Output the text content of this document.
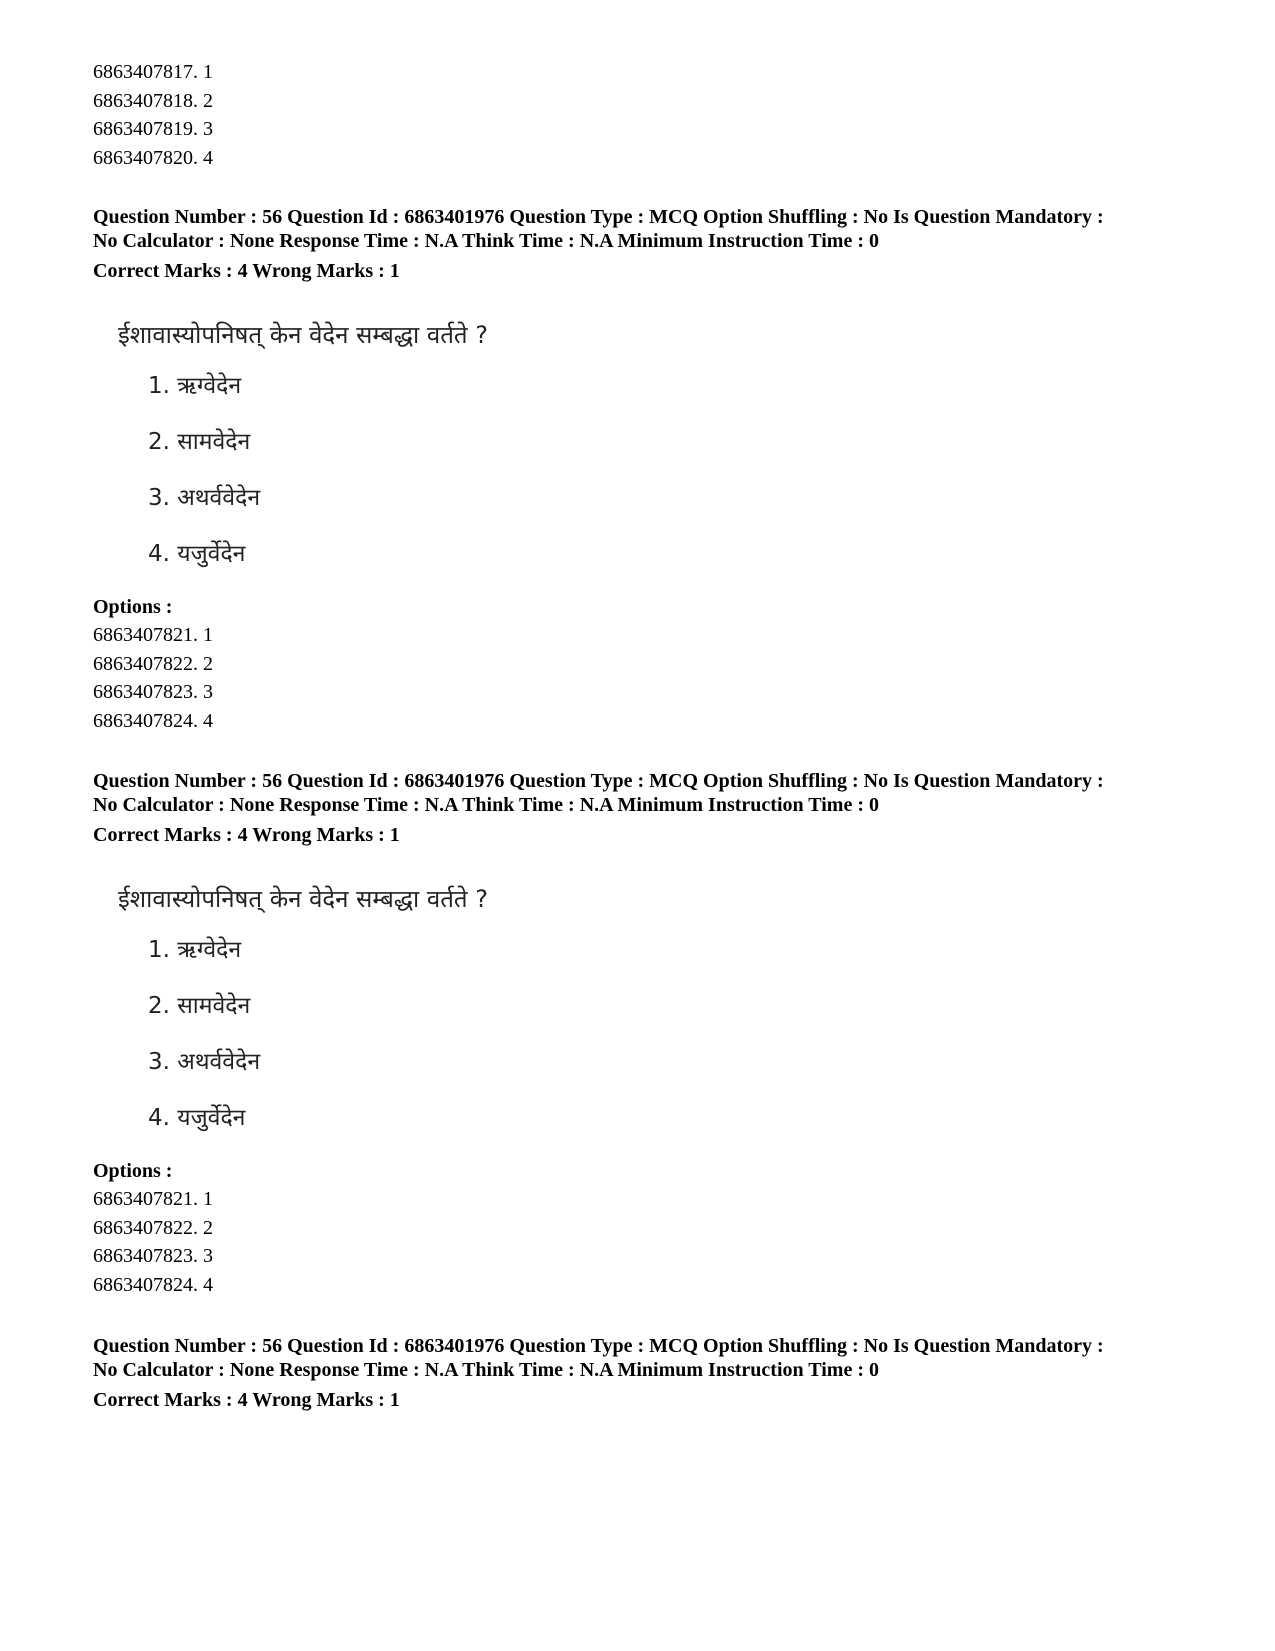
6863407817. 1
6863407818. 2
6863407819. 3
6863407820. 4
Question Number : 56 Question Id : 6863401976 Question Type : MCQ Option Shuffling : No Is Question Mandatory :
No Calculator : None Response Time : N.A Think Time : N.A Minimum Instruction Time : 0
Correct Marks : 4 Wrong Marks : 1
ईशावास्योपनिषत् केन वेदेन सम्बद्धा वर्तते ?
1. ऋग्वेदेन
2. सामवेदेन
3. अथर्ववेदेन
4. यजुर्वेदेन
Options :
6863407821. 1
6863407822. 2
6863407823. 3
6863407824. 4
Question Number : 56 Question Id : 6863401976 Question Type : MCQ Option Shuffling : No Is Question Mandatory :
No Calculator : None Response Time : N.A Think Time : N.A Minimum Instruction Time : 0
Correct Marks : 4 Wrong Marks : 1
ईशावास्योपनिषत् केन वेदेन सम्बद्धा वर्तते ?
1. ऋग्वेदेन
2. सामवेदेन
3. अथर्ववेदेन
4. यजुर्वेदेन
Options :
6863407821. 1
6863407822. 2
6863407823. 3
6863407824. 4
Question Number : 56 Question Id : 6863401976 Question Type : MCQ Option Shuffling : No Is Question Mandatory :
No Calculator : None Response Time : N.A Think Time : N.A Minimum Instruction Time : 0
Correct Marks : 4 Wrong Marks : 1
